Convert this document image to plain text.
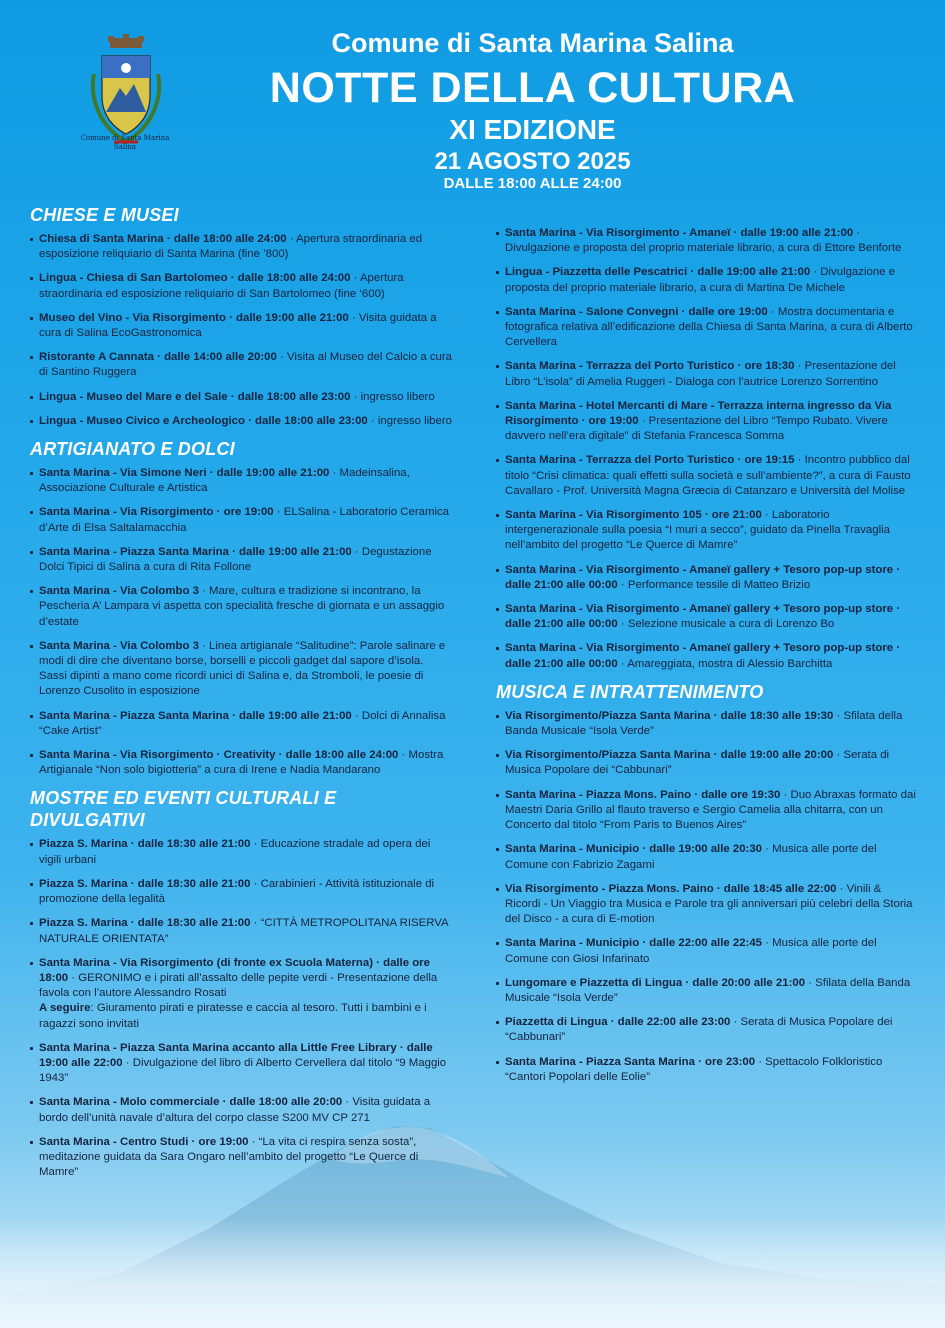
Comune di Santa Marina
Salina
Comune di Santa Marina Salina
NOTTE DELLA CULTURA
XI EDIZIONE
21 AGOSTO 2025
DALLE 18:00 ALLE 24:00
CHIESE E MUSEI
Chiesa di Santa Marina · dalle 18:00 alle 24:00 · Apertura straordinaria ed esposizione reliquiario di Santa Marina (fine ’800)
Lingua - Chiesa di San Bartolomeo · dalle 18:00 alle 24:00 · Apertura straordinaria ed esposizione reliquiario di San Bartolomeo (fine ‘600)
Museo del Vino - Via Risorgimento · dalle 19:00 alle 21:00 · Visita guidata a cura di Salina EcoGastronomica
Ristorante A Cannata · dalle 14:00 alle 20:00 · Visita al Museo del Calcio a cura di Santino Ruggera
Lingua - Museo del Mare e del Sale · dalle 18:00 alle 23:00 · ingresso libero
Lingua - Museo Civico e Archeologico · dalle 18:00 alle 23:00 · ingresso libero
ARTIGIANATO E DOLCI
Santa Marina - Via Simone Neri · dalle 19:00 alle 21:00 · Madeinsalina, Associazione Culturale e Artistica
Santa Marina - Via Risorgimento · ore 19:00 · ELSalina - Laboratorio Ceramica d’Arte di Elsa Saltalamacchia
Santa Marina - Piazza Santa Marina · dalle 19:00 alle 21:00 · Degustazione Dolci Tipici di Salina a cura di Rita Follone
Santa Marina - Via Colombo 3 · Mare, cultura e tradizione si incontrano, la Pescheria A’ Lampara vi aspetta con specialità fresche di giornata e un assaggio d’estate
Santa Marina - Via Colombo 3 · Linea artigianale “Salitudine”: Parole salinare e modi di dire che diventano borse, borselli e piccoli gadget dal sapore d’isola. Sassi dipinti a mano come ricordi unici di Salina e, da Stromboli, le poesie di Lorenzo Cusolito in esposizione
Santa Marina - Piazza Santa Marina · dalle 19:00 alle 21:00 · Dolci di Annalisa “Cake Artist”
Santa Marina - Via Risorgimento · Creativity · dalle 18:00 alle 24:00 · Mostra Artigianale “Non solo bigiotteria” a cura di Irene e Nadia Mandarano
MOSTRE ED EVENTI CULTURALI E DIVULGATIVI
Piazza S. Marina · dalle 18:30 alle 21:00 · Educazione stradale ad opera dei vigili urbani
Piazza S. Marina · dalle 18:30 alle 21:00 · Carabinieri - Attività istituzionale di promozione della legalità
Piazza S. Marina · dalle 18:30 alle 21:00 · “CITTÀ METROPOLITANA RISERVA NATURALE ORIENTATA”
Santa Marina - Via Risorgimento (di fronte ex Scuola Materna) · dalle ore 18:00 · GERONIMO e i pirati all’assalto delle pepite verdi - Presentazione della favola con l’autore Alessandro Rosati
A seguire: Giuramento pirati e piratesse e caccia al tesoro. Tutti i bambini e i ragazzi sono invitati
Santa Marina - Piazza Santa Marina accanto alla Little Free Library · dalle 19:00 alle 22:00 · Divulgazione del libro di Alberto Cervellera dal titolo “9 Maggio 1943”
Santa Marina - Molo commerciale · dalle 18:00 alle 20:00 · Visita guidata a bordo dell’unità navale d’altura del corpo classe S200 MV CP 271
Santa Marina - Centro Studi · ore 19:00 · “La vita ci respira senza sosta”, meditazione guidata da Sara Ongaro nell’ambito del progetto “Le Querce di Mamre”
Santa Marina - Via Risorgimento - Amaneï · dalle 19:00 alle 21:00 · Divulgazione e proposta del proprio materiale librario, a cura di Ettore Benforte
Lingua - Piazzetta delle Pescatrici · dalle 19:00 alle 21:00 · Divulgazione e proposta del proprio materiale librario, a cura di Martina De Michele
Santa Marina - Salone Convegni · dalle ore 19:00 · Mostra documentaria e fotografica relativa all’edificazione della Chiesa di Santa Marina, a cura di Alberto Cervellera
Santa Marina - Terrazza del Porto Turistico · ore 18:30 · Presentazione del Libro “L’isola” di Amelia Ruggeri - Dialoga con l’autrice Lorenzo Sorrentino
Santa Marina - Hotel Mercanti di Mare - Terrazza interna ingresso da Via Risorgimento · ore 19:00 · Presentazione del Libro “Tempo Rubato. Vivere davvero nell’era digitale” di Stefania Francesca Somma
Santa Marina - Terrazza del Porto Turistico · ore 19:15 · Incontro pubblico dal titolo “Crisi climatica: quali effetti sulla società e sull’ambiente?”, a cura di Fausto Cavallaro - Prof. Università Magna Græcia di Catanzaro e Università del Molise
Santa Marina - Via Risorgimento 105 · ore 21:00 · Laboratorio intergenerazionale sulla poesia “I muri a secco”, guidato da Pinella Travaglia nell’ambito del progetto “Le Querce di Mamre”
Santa Marina - Via Risorgimento - Amaneï gallery + Tesoro pop-up store · dalle 21:00 alle 00:00 · Performance tessile di Matteo Brizio
Santa Marina - Via Risorgimento - Amaneï gallery + Tesoro pop-up store · dalle 21:00 alle 00:00 · Selezione musicale a cura di Lorenzo Bo
Santa Marina - Via Risorgimento - Amaneï gallery + Tesoro pop-up store · dalle 21:00 alle 00:00 · Amareggiata, mostra di Alessio Barchitta
MUSICA E INTRATTENIMENTO
Via Risorgimento/Piazza Santa Marina · dalle 18:30 alle 19:30 · Sfilata della Banda Musicale “Isola Verde”
Via Risorgimento/Piazza Santa Marina · dalle 19:00 alle 20:00 · Serata di Musica Popolare dei “Cabbunari”
Santa Marina - Piazza Mons. Paino · dalle ore 19:30 · Duo Abraxas formato dai Maestri Daria Grillo al flauto traverso e Sergio Camelia alla chitarra, con un Concerto dal titolo “From Paris to Buenos Aires”
Santa Marina - Municipio · dalle 19:00 alle 20:30 · Musica alle porte del Comune con Fabrizio Zagami
Via Risorgimento - Piazza Mons. Paino · dalle 18:45 alle 22:00 · Vinili & Ricordi - Un Viaggio tra Musica e Parole tra gli anniversari più celebri della Storia del Disco - a cura di E-motion
Santa Marina - Municipio · dalle 22:00 alle 22:45 · Musica alle porte del Comune con Giosi Infarinato
Lungomare e Piazzetta di Lingua · dalle 20:00 alle 21:00 · Sfilata della Banda Musicale “Isola Verde”
Piazzetta di Lingua · dalle 22:00 alle 23:00 · Serata di Musica Popolare dei “Cabbunari”
Santa Marina - Piazza Santa Marina · ore 23:00 · Spettacolo Folkloristico “Cantori Popolari delle Eolie”
